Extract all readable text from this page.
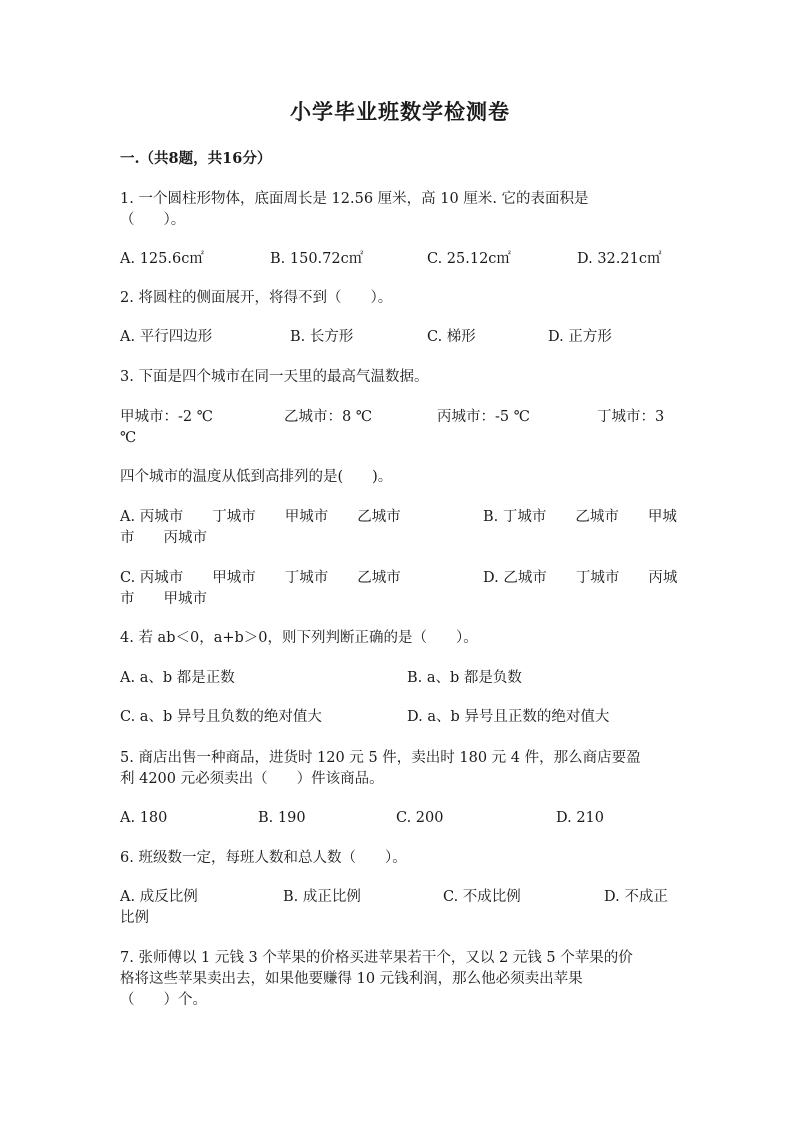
小学毕业班数学检测卷
一.（共8题，共16分）
1. 一个圆柱形物体，底面周长是 12.56 厘米，高 10 厘米. 它的表面积是
（　　）。
A. 125.6c㎡	B. 150.72c㎡	C. 25.12c㎡	D. 32.21c㎡
2. 将圆柱的侧面展开，将得不到（　　）。
A. 平行四边形	B. 长方形	C. 梯形	D. 正方形
3. 下面是四个城市在同一天里的最高气温数据。
甲城市：-2 ℃	乙城市：8 ℃	丙城市：-5 ℃	丁城市：3
℃
四个城市的温度从低到高排列的是(　　)。
A. 丙城市　　丁城市　　甲城市　　乙城市	B. 丁城市　　乙城市　　甲城
市　　丙城市
C. 丙城市　　甲城市　　丁城市　　乙城市	D. 乙城市　　丁城市　　丙城
市　　甲城市
4. 若 ab＜0，a+b＞0，则下列判断正确的是（　　）。
A. a、b 都是正数	B. a、b 都是负数
C. a、b 异号且负数的绝对值大	D. a、b 异号且正数的绝对值大
5. 商店出售一种商品，进货时 120 元 5 件，卖出时 180 元 4 件，那么商店要盈
利 4200 元必须卖出（　　）件该商品。
A. 180	B. 190	C. 200	D. 210
6. 班级数一定，每班人数和总人数（　　）。
A. 成反比例	B. 成正比例	C. 不成比例	D. 不成正
比例
7. 张师傅以 1 元钱 3 个苹果的价格买进苹果若干个，又以 2 元钱 5 个苹果的价
格将这些苹果卖出去，如果他要赚得 10 元钱利润，那么他必须卖出苹果
（　　）个。
